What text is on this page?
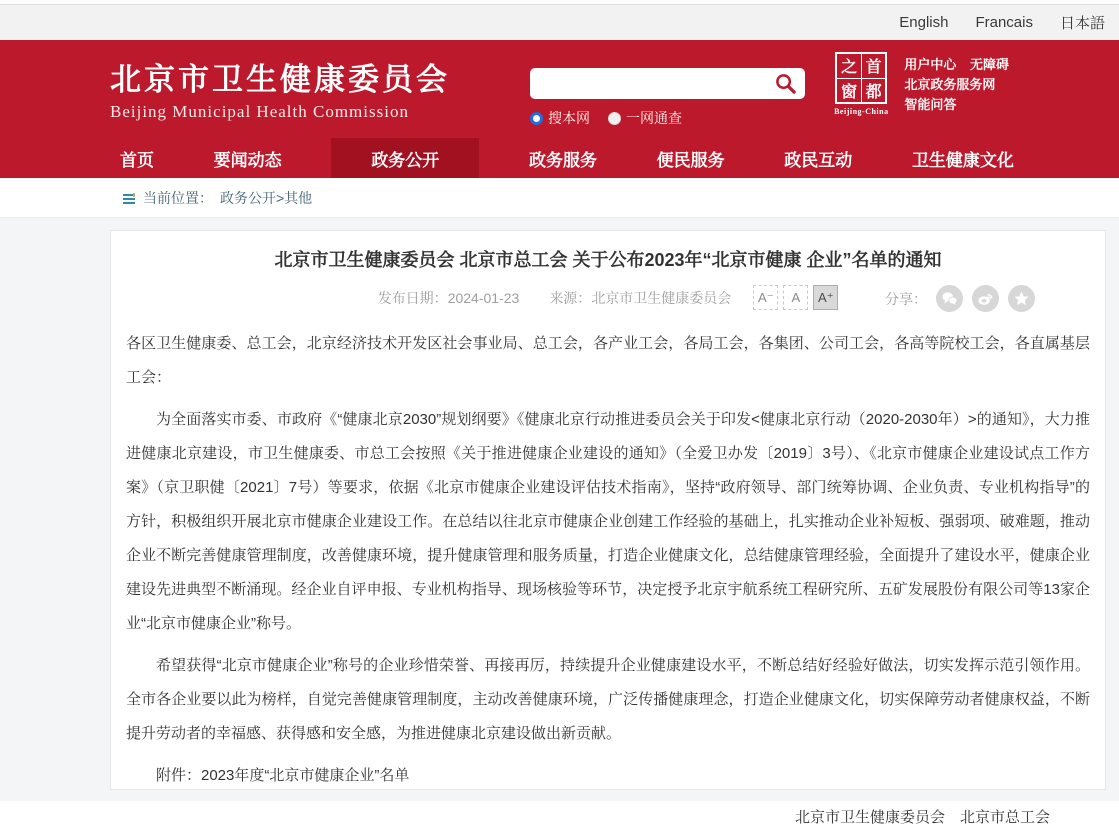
English Francais 日本語
北京市卫生健康委员会
Beijing Municipal Health Commission	搜本网	一网通查
之 首
窗 都
Beijing-China
用户中心 无障碍
北京政务服务网
智能问答
首页	要闻动态	政务公开	政务服务	便民服务	政民互动	卫生健康文化
当前位置： 政务公开>其他
北京市卫生健康委员会 北京市总工会 关于公布2023年“北京市健康 企业”名单的通知
发布日期： 2024-01-23 来源： 北京市卫生健康委员会	A⁻	A	A⁺	分享：

各区卫生健康委、总工会，北京经济技术开发区社会事业局、总工会，各产业工会，各局工会，各集团、公司工会，各高等院校工会，各直属基层工会：

为全面落实市委、市政府《“健康北京2030”规划纲要》《健康北京行动推进委员会关于印发<健康北京行动（2020-2030年）>的通知》，大力推进健康北京建设，市卫生健康委、市总工会按照《关于推进健康企业建设的通知》（全爱卫办发〔2019〕3号）、《北京市健康企业建设试点工作方案》（京卫职健〔2021〕7号）等要求，依据《北京市健康企业建设评估技术指南》，坚持“政府领导、部门统筹协调、企业负责、专业机构指导”的方针，积极组织开展北京市健康企业建设工作。在总结以往北京市健康企业创建工作经验的基础上，扎实推动企业补短板、强弱项、破难题，推动企业不断完善健康管理制度，改善健康环境，提升健康管理和服务质量，打造企业健康文化，总结健康管理经验，全面提升了建设水平，健康企业建设先进典型不断涌现。经企业自评申报、专业机构指导、现场核验等环节，决定授予北京宇航系统工程研究所、五矿发展股份有限公司等13家企业“北京市健康企业”称号。

希望获得“北京市健康企业”称号的企业珍惜荣誉、再接再厉，持续提升企业健康建设水平，不断总结好经验好做法，切实发挥示范引领作用。全市各企业要以此为榜样，自觉完善健康管理制度，主动改善健康环境，广泛传播健康理念，打造企业健康文化，切实保障劳动者健康权益，不断提升劳动者的幸福感、获得感和安全感，为推进健康北京建设做出新贡献。

附件：2023年度“北京市健康企业”名单

北京市卫生健康委员会　北京市总工会
